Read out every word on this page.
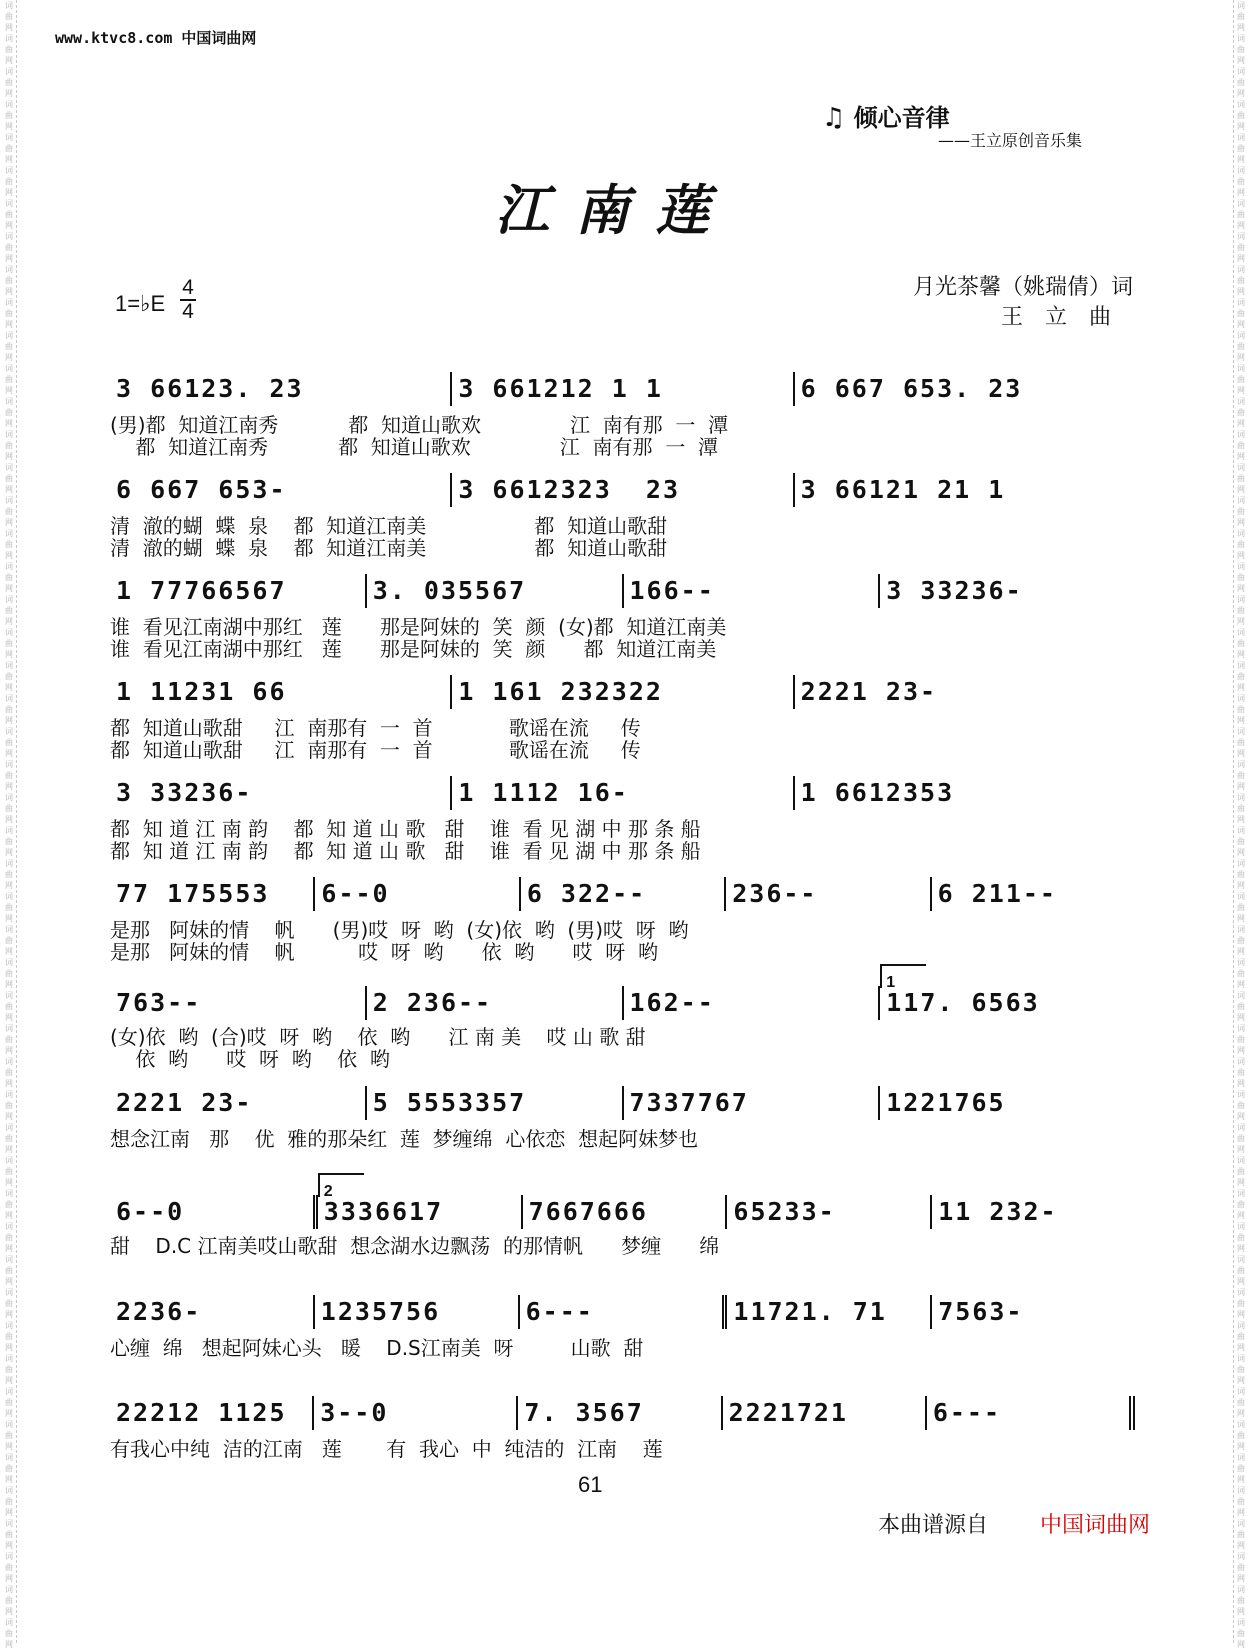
词 曲 网 词 曲 网 词 曲 网 词 曲 网 词 曲 网 词 曲 网 词 曲 网 词 曲 网 词 曲 网 词 曲 网 词 曲 网 词 曲 网 词 曲 网 词 曲 网 词 曲 网 词 曲 网 词 曲 网 词 曲 网 词 曲 网 词 曲 网 词 曲 网 词 曲 网 词 曲 网 词 曲 网 词 曲 网 词 曲 网 词 曲 网 词 曲 网 词 曲 网 词 曲 网 词 曲 网 词 曲 网 词 曲 网 词 曲 网 词 曲 网 词 曲 网 词 曲 网 词 曲 网 词 曲 网 词 曲 网 词 曲 网 词 曲 网 词 曲 网 词 曲 网 词 曲 网 词 曲 网 词 曲 网 词 曲 网 词 曲 网 词 曲 网
词 曲 网 词 曲 网 词 曲 网 词 曲 网 词 曲 网 词 曲 网 词 曲 网 词 曲 网 词 曲 网 词 曲 网 词 曲 网 词 曲 网 词 曲 网 词 曲 网 词 曲 网 词 曲 网 词 曲 网 词 曲 网 词 曲 网 词 曲 网 词 曲 网 词 曲 网 词 曲 网 词 曲 网 词 曲 网 词 曲 网 词 曲 网 词 曲 网 词 曲 网 词 曲 网 词 曲 网 词 曲 网 词 曲 网 词 曲 网 词 曲 网 词 曲 网 词 曲 网 词 曲 网 词 曲 网 词 曲 网 词 曲 网 词 曲 网 词 曲 网 词 曲 网 词 曲 网 词 曲 网 词 曲 网 词 曲 网 词 曲 网 词 曲 网
www.ktvc8.com 中国词曲网
♫ 倾心音律
——王立原创音乐集
江南莲
1=♭E
4
4
月光茶馨（姚瑞倩）词
王立曲
3 66123. 23	3 661212 1 1	6 667 653. 23
(男)都  知道江南秀           都  知道山歌欢              江  南有那  一  潭
都  知道江南秀           都  知道山歌欢              江  南有那  一  潭
6 667 653-	3 6612323  23	3 66121 21 1
清  澈的蝴  蝶  泉    都  知道江南美                 都  知道山歌甜
清  澈的蝴  蝶  泉    都  知道江南美                 都  知道山歌甜
1 77766567	3. 035567	166--	3 33236-
谁  看见江南湖中那红   莲      那是阿妹的  笑  颜  (女)都  知道江南美
谁  看见江南湖中那红   莲      那是阿妹的  笑  颜      都  知道江南美
1 11231 66	1 161 232322	2221 23-
都  知道山歌甜     江  南那有  一  首            歌谣在流     传
都  知道山歌甜     江  南那有  一  首            歌谣在流     传
3 33236-	1 1112 16-	1 6612353
都  知 道 江 南 韵    都  知 道 山 歌   甜    谁  看 见 湖 中 那 条 船
都  知 道 江 南 韵    都  知 道 山 歌   甜    谁  看 见 湖 中 那 条 船
77 175553	6--0	6 322--	236--	6 211--
是那   阿妹的情    帆      (男)哎  呀  哟  (女)依  哟  (男)哎  呀  哟
是那   阿妹的情    帆          哎  呀  哟      依  哟      哎  呀  哟
763--	2 236--	162--	117. 6563
1
(女)依  哟  (合)哎  呀  哟    依  哟      江 南 美    哎 山 歌 甜
依  哟      哎  呀  哟    依  哟
2221 23-	5 5553357	7337767	1221765
想念江南   那    优  雅的那朵红  莲  梦缠绵  心依恋  想起阿妹梦也
6--0	3336617
2
7667666	65233-	11 232-
甜    D.C 江南美哎山歌甜  想念湖水边飘荡  的那情帆      梦缠      绵
2236-	1235756	6---	11721. 71	7563-
心缠  绵   想起阿妹心头   暖    D.S江南美  呀         山歌  甜
22212 1125	3--0	7. 3567	2221721	6---
有我心中纯  洁的江南   莲       有  我心  中  纯洁的  江南    莲
61
本曲谱源自 中国词曲网
